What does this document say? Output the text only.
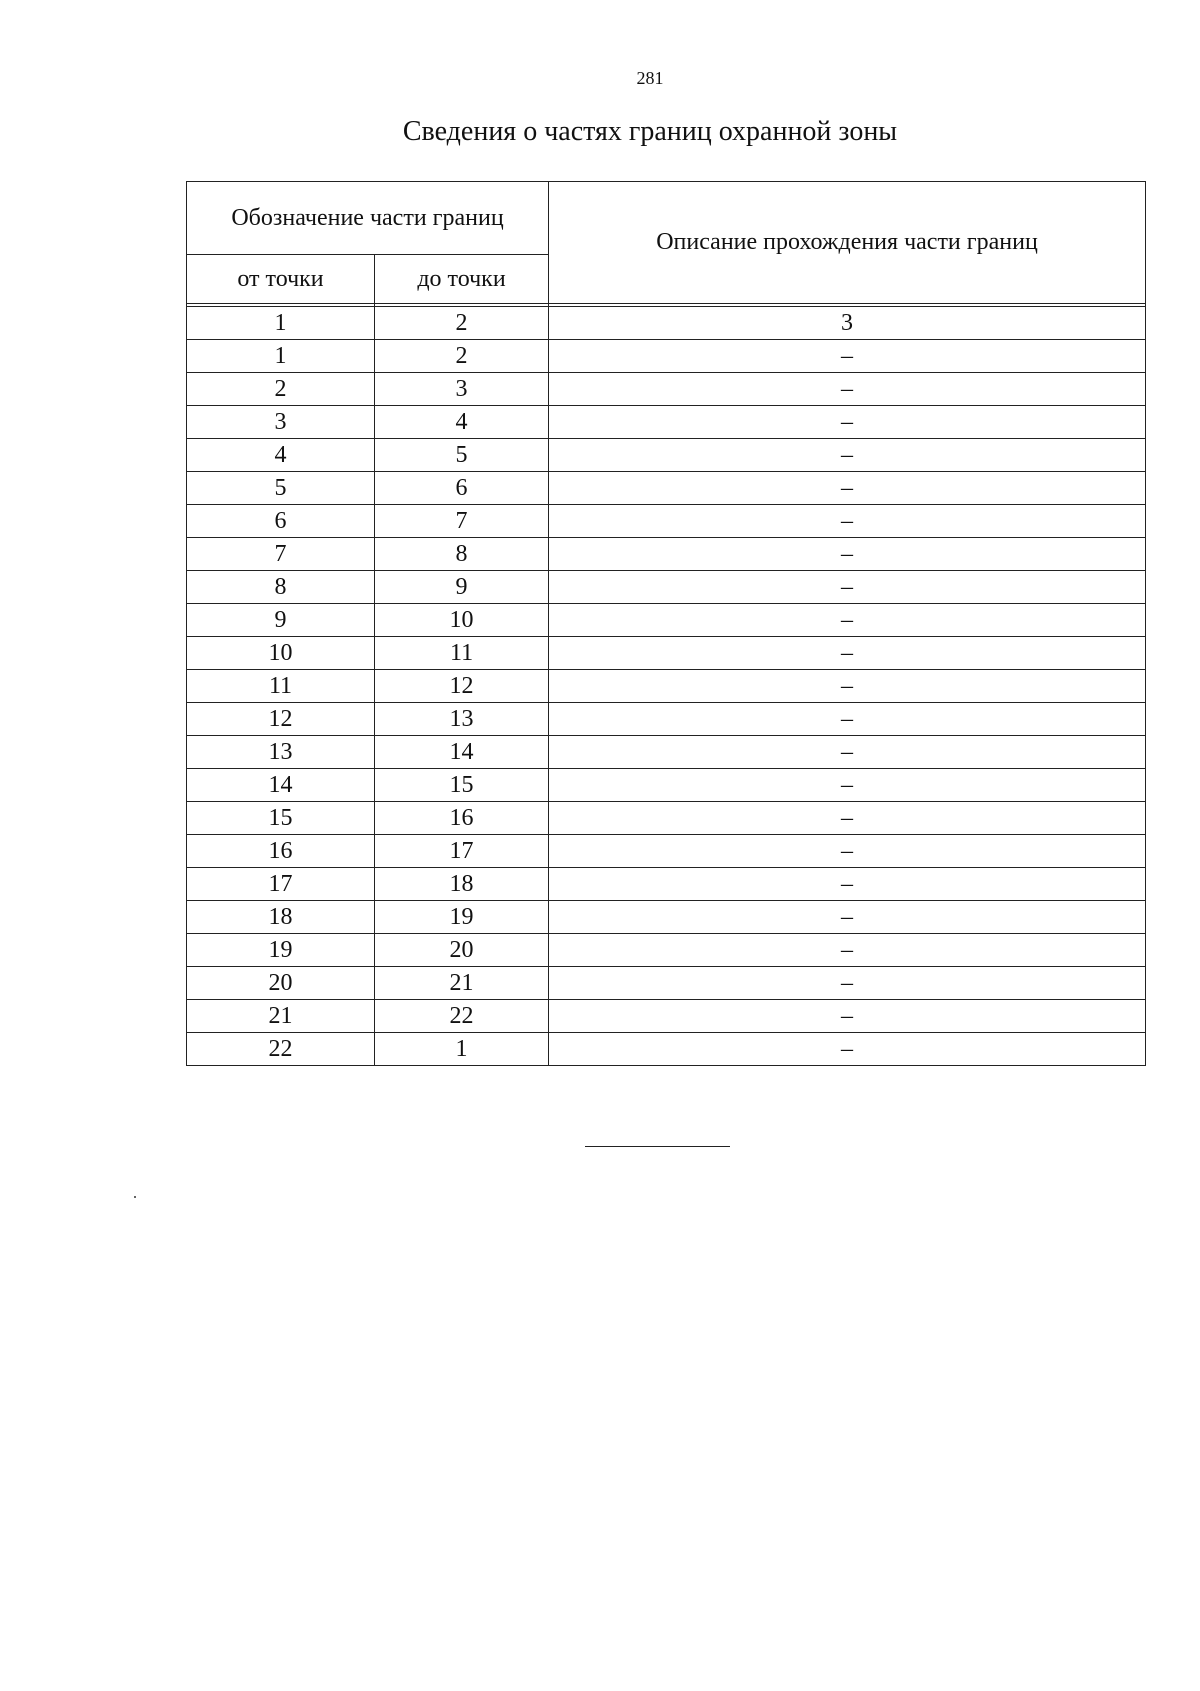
281
Сведения о частях границ охранной зоны
Обозначение части границ		Описание прохождения части границ
от точки	до точки	

1	2	3
1	2	–
2	3	–
3	4	–
4	5	–
5	6	–
6	7	–
7	8	–
8	9	–
9	10	–
10	11	–
11	12	–
12	13	–
13	14	–
14	15	–
15	16	–
16	17	–
17	18	–
18	19	–
19	20	–
20	21	–
21	22	–
22	1	–
